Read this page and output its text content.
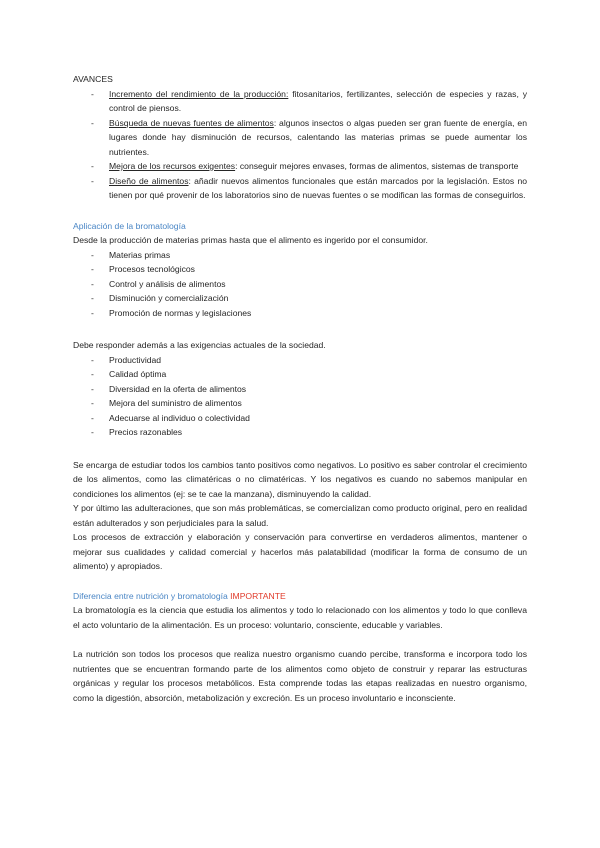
AVANCES

- Incremento del rendimiento de la producción: fitosanitarios, fertilizantes, selección de especies y razas, y control de piensos.
- Búsqueda de nuevas fuentes de alimentos: algunos insectos o algas pueden ser gran fuente de energía, en lugares donde hay disminución de recursos, calentando las materias primas se puede aumentar los nutrientes.
- Mejora de los recursos exigentes: conseguir mejores envases, formas de alimentos, sistemas de transporte
- Diseño de alimentos: añadir nuevos alimentos funcionales que están marcados por la legislación. Estos no tienen por qué provenir de los laboratorios sino de nuevas fuentes o se modifican las formas de conseguirlos.

Aplicación de la bromatología

Desde la producción de materias primas hasta que el alimento es ingerido por el consumidor.

- Materias primas
- Procesos tecnológicos
- Control y análisis de alimentos
- Disminución y comercialización
- Promoción de normas y legislaciones

Debe responder además a las exigencias actuales de la sociedad.

- Productividad
- Calidad óptima
- Diversidad en la oferta de alimentos
- Mejora del suministro de alimentos
- Adecuarse al individuo o colectividad
- Precios razonables

Se encarga de estudiar todos los cambios tanto positivos como negativos. Lo positivo es saber controlar el crecimiento de los alimentos, como las climatéricas o no climatéricas. Y los negativos es cuando no sabemos manipular en condiciones los alimentos (ej: se te cae la manzana), disminuyendo la calidad.

Y por último las adulteraciones, que son más problemáticas, se comercializan como producto original, pero en realidad están adulterados y son perjudiciales para la salud.

Los procesos de extracción y elaboración y conservación para convertirse en verdaderos alimentos, mantener o mejorar sus cualidades y calidad comercial y hacerlos más palatabilidad (modificar la forma de consumo de un alimento) y apropiados.

Diferencia entre nutrición y bromatología IMPORTANTE

La bromatología es la ciencia que estudia los alimentos y todo lo relacionado con los alimentos y todo lo que conlleva el acto voluntario de la alimentación. Es un proceso: voluntario, consciente, educable y variables.

La nutrición son todos los procesos que realiza nuestro organismo cuando percibe, transforma e incorpora todo los nutrientes que se encuentran formando parte de los alimentos como objeto de construir y reparar las estructuras orgánicas y regular los procesos metabólicos. Esta comprende todas las etapas realizadas en nuestro organismo, como la digestión, absorción, metabolización y excreción. Es un proceso involuntario e inconsciente.
